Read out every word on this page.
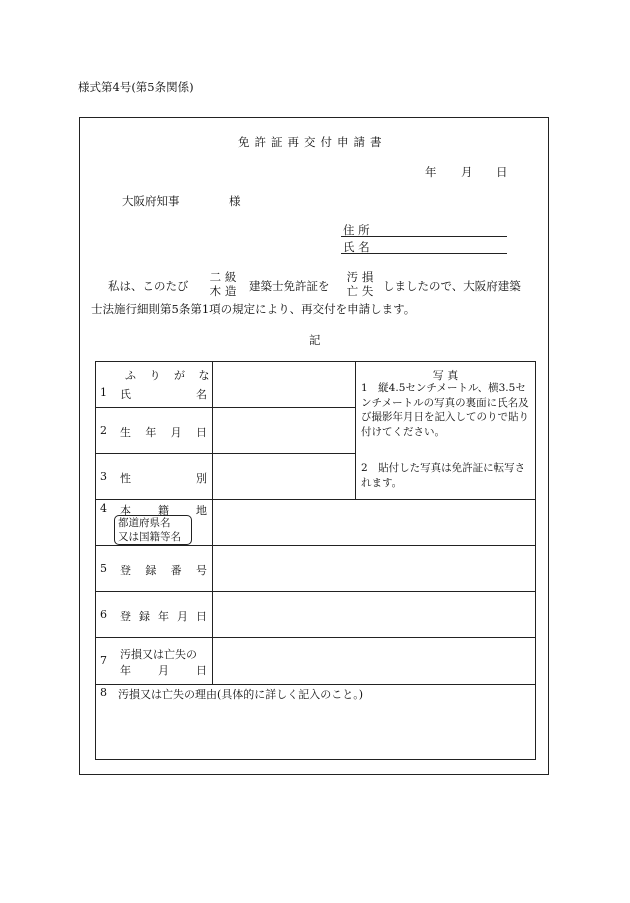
様式第4号(第5条関係)
免許証再交付申請書
年 月 日
大阪府知事	様
住 所
氏 名
私は、このたび
二 級
木 造	建築士免許証を
汚 損
亡 失 しましたので、大阪府建築
士法施行細則第5条第1項の規定により、再交付を申請します。
記
ふ り が な
1 氏 名
2 生 年 月 日
3 性 別
4 本 籍 地
都道府県名
又は国籍等名
5 登 録 番 号
6 登 録 年 月 日
7 汚損又は亡失の
年 月 日
8 汚損又は亡失の理由(具体的に詳しく記入のこと。)
写 真
1　縦4.5センチメートル、横3.5センチメートルの写真の裏面に氏名及び撮影年月日を記入してのりで貼り付けてください。
2　貼付した写真は免許証に転写されます。
